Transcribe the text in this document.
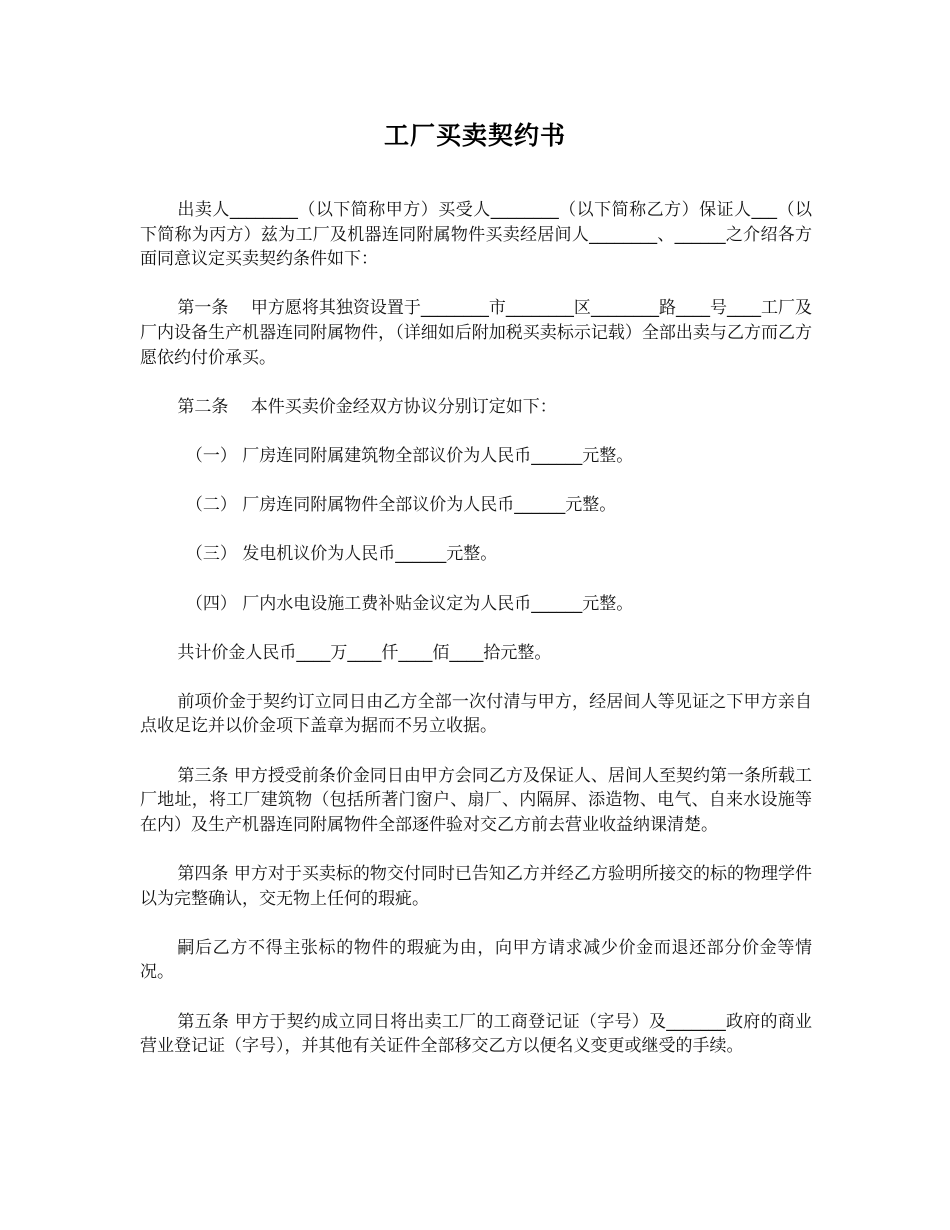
工厂买卖契约书

出卖人________（以下简称甲方）买受人________（以下简称乙方）保证人___（以下简称为丙方）兹为工厂及机器连同附属物件买卖经居间人________、______之介绍各方面同意议定买卖契约条件如下：

第一条　 甲方愿将其独资设置于________市________区________路____号____工厂及厂内设备生产机器连同附属物件，（详细如后附加税买卖标示记载）全部出卖与乙方而乙方愿依约付价承买。

第二条　 本件买卖价金经双方协议分别订定如下：

（一） 厂房连同附属建筑物全部议价为人民币______元整。

（二） 厂房连同附属物件全部议价为人民币______元整。

（三） 发电机议价为人民币______元整。

（四） 厂内水电设施工费补贴金议定为人民币______元整。

共计价金人民币____万____仟____佰____拾元整。

前项价金于契约订立同日由乙方全部一次付清与甲方，经居间人等见证之下甲方亲自点收足讫并以价金项下盖章为据而不另立收据。

第三条 甲方授受前条价金同日由甲方会同乙方及保证人、居间人至契约第一条所载工厂地址，将工厂建筑物（包括所著门窗户、扇厂、内隔屏、添造物、电气、自来水设施等在内）及生产机器连同附属物件全部逐件验对交乙方前去营业收益纳课清楚。

第四条 甲方对于买卖标的物交付同时已告知乙方并经乙方验明所接交的标的物理学件以为完整确认，交无物上任何的瑕疵。

嗣后乙方不得主张标的物件的瑕疵为由，向甲方请求减少价金而退还部分价金等情况。

第五条 甲方于契约成立同日将出卖工厂的工商登记证（字号）及_______政府的商业营业登记证（字号），并其他有关证件全部移交乙方以便名义变更或继受的手续。
